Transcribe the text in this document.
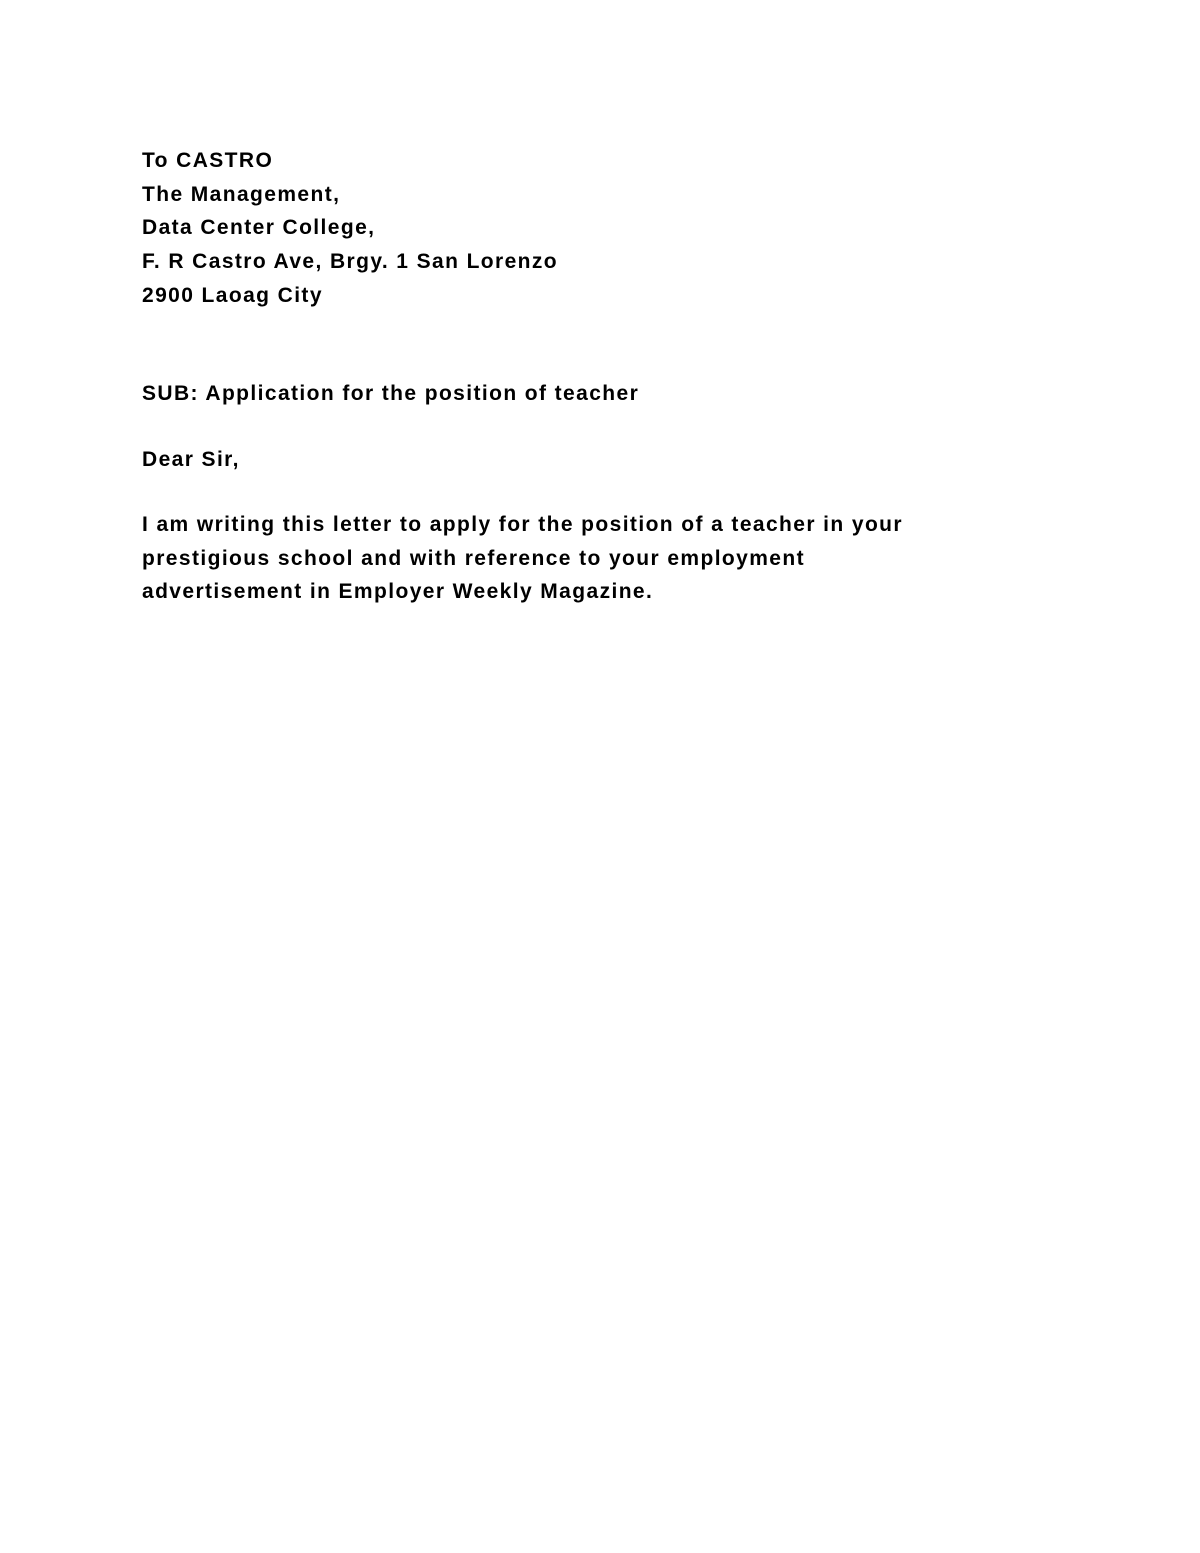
To CASTRO
The Management,
Data Center College,
F. R Castro Ave, Brgy. 1 San Lorenzo
2900 Laoag City
SUB: Application for the position of teacher
Dear Sir,
I am writing this letter to apply for the position of a teacher in your
prestigious school and with reference to your employment
advertisement in Employer Weekly Magazine.
